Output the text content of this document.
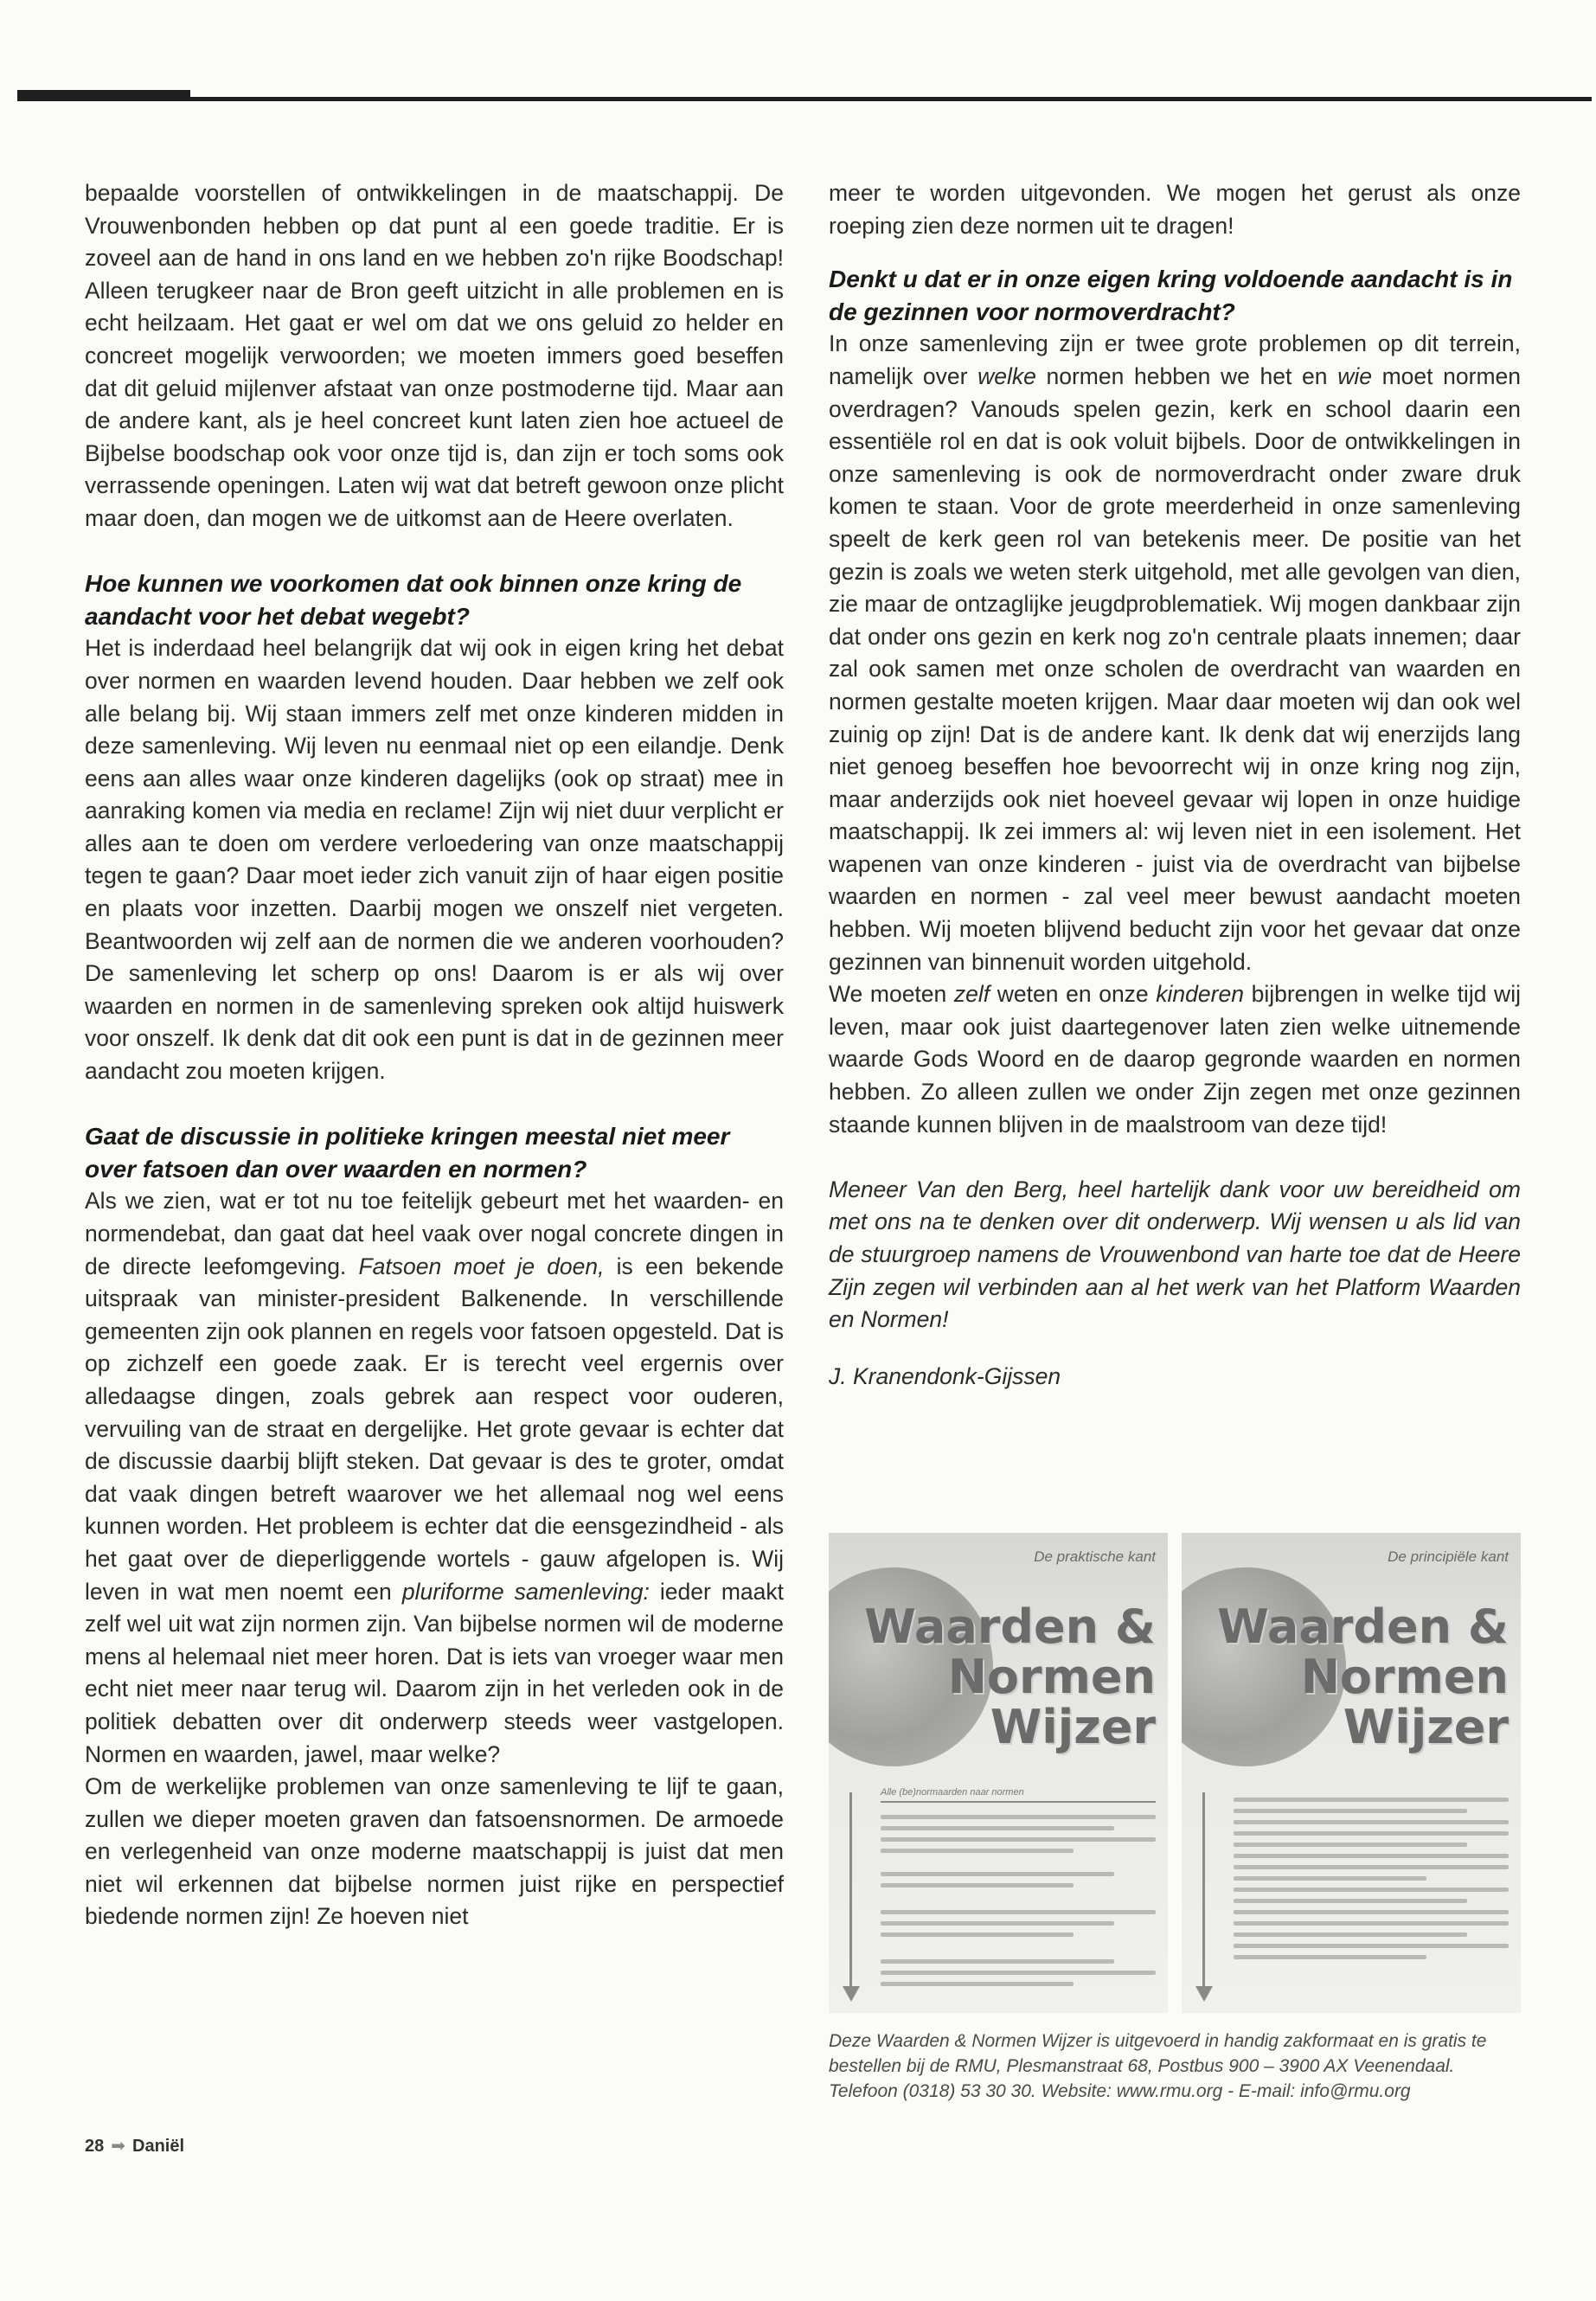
bepaalde voorstellen of ontwikkelingen in de maatschappij. De Vrouwenbonden hebben op dat punt al een goede traditie. Er is zoveel aan de hand in ons land en we hebben zo'n rijke Boodschap! Alleen terugkeer naar de Bron geeft uitzicht in alle problemen en is echt heilzaam. Het gaat er wel om dat we ons geluid zo helder en concreet mogelijk verwoorden; we moeten immers goed beseffen dat dit geluid mijlenver afstaat van onze postmoderne tijd. Maar aan de andere kant, als je heel concreet kunt laten zien hoe actueel de Bijbelse boodschap ook voor onze tijd is, dan zijn er toch soms ook verrassende openingen. Laten wij wat dat betreft gewoon onze plicht maar doen, dan mogen we de uitkomst aan de Heere overlaten.

Hoe kunnen we voorkomen dat ook binnen onze kring de aandacht voor het debat wegebt?

Het is inderdaad heel belangrijk dat wij ook in eigen kring het debat over normen en waarden levend houden. Daar hebben we zelf ook alle belang bij. Wij staan immers zelf met onze kinderen midden in deze samenleving. Wij leven nu eenmaal niet op een eilandje. Denk eens aan alles waar onze kinderen dagelijks (ook op straat) mee in aanraking komen via media en reclame! Zijn wij niet duur verplicht er alles aan te doen om verdere verloedering van onze maatschappij tegen te gaan? Daar moet ieder zich vanuit zijn of haar eigen positie en plaats voor inzetten. Daarbij mogen we onszelf niet vergeten. Beantwoorden wij zelf aan de normen die we anderen voorhouden? De samenleving let scherp op ons! Daarom is er als wij over waarden en normen in de samenleving spreken ook altijd huiswerk voor onszelf. Ik denk dat dit ook een punt is dat in de gezinnen meer aandacht zou moeten krijgen.

Gaat de discussie in politieke kringen meestal niet meer over fatsoen dan over waarden en normen?

Als we zien, wat er tot nu toe feitelijk gebeurt met het waarden- en normendebat, dan gaat dat heel vaak over nogal concrete dingen in de directe leefomgeving. Fatsoen moet je doen, is een bekende uitspraak van minister-president Balkenende. In verschillende gemeenten zijn ook plannen en regels voor fatsoen opgesteld. Dat is op zichzelf een goede zaak. Er is terecht veel ergernis over alledaagse dingen, zoals gebrek aan respect voor ouderen, vervuiling van de straat en dergelijke. Het grote gevaar is echter dat de discussie daarbij blijft steken. Dat gevaar is des te groter, omdat dat vaak dingen betreft waarover we het allemaal nog wel eens kunnen worden. Het probleem is echter dat die eensgezindheid - als het gaat over de dieperliggende wortels - gauw afgelopen is. Wij leven in wat men noemt een pluriforme samenleving: ieder maakt zelf wel uit wat zijn normen zijn. Van bijbelse normen wil de moderne mens al helemaal niet meer horen. Dat is iets van vroeger waar men echt niet meer naar terug wil. Daarom zijn in het verleden ook in de politiek debatten over dit onderwerp steeds weer vastgelopen. Normen en waarden, jawel, maar welke?

Om de werkelijke problemen van onze samenleving te lijf te gaan, zullen we dieper moeten graven dan fatsoensnormen. De armoede en verlegenheid van onze moderne maatschappij is juist dat men niet wil erkennen dat bijbelse normen juist rijke en perspectief biedende normen zijn! Ze hoeven niet

meer te worden uitgevonden. We mogen het gerust als onze roeping zien deze normen uit te dragen!

Denkt u dat er in onze eigen kring voldoende aandacht is in de gezinnen voor normoverdracht?

In onze samenleving zijn er twee grote problemen op dit terrein, namelijk over welke normen hebben we het en wie moet normen overdragen? Vanouds spelen gezin, kerk en school daarin een essentiële rol en dat is ook voluit bijbels. Door de ontwikkelingen in onze samenleving is ook de normoverdracht onder zware druk komen te staan. Voor de grote meerderheid in onze samenleving speelt de kerk geen rol van betekenis meer. De positie van het gezin is zoals we weten sterk uitgehold, met alle gevolgen van dien, zie maar de ontzaglijke jeugdproblematiek. Wij mogen dankbaar zijn dat onder ons gezin en kerk nog zo'n centrale plaats innemen; daar zal ook samen met onze scholen de overdracht van waarden en normen gestalte moeten krijgen. Maar daar moeten wij dan ook wel zuinig op zijn! Dat is de andere kant. Ik denk dat wij enerzijds lang niet genoeg beseffen hoe bevoorrecht wij in onze kring nog zijn, maar anderzijds ook niet hoeveel gevaar wij lopen in onze huidige maatschappij. Ik zei immers al: wij leven niet in een isolement. Het wapenen van onze kinderen - juist via de overdracht van bijbelse waarden en normen - zal veel meer bewust aandacht moeten hebben. Wij moeten blijvend beducht zijn voor het gevaar dat onze gezinnen van binnenuit worden uitgehold.

We moeten zelf weten en onze kinderen bijbrengen in welke tijd wij leven, maar ook juist daartegenover laten zien welke uitnemende waarde Gods Woord en de daarop gegronde waarden en normen hebben. Zo alleen zullen we onder Zijn zegen met onze gezinnen staande kunnen blijven in de maalstroom van deze tijd!

Meneer Van den Berg, heel hartelijk dank voor uw bereidheid om met ons na te denken over dit onderwerp. Wij wensen u als lid van de stuurgroep namens de Vrouwenbond van harte toe dat de Heere Zijn zegen wil verbinden aan al het werk van het Platform Waarden en Normen!

J. Kranendonk-Gijssen

De praktische kant
Waarden &
Normen
Wijzer
Alle (be)normaarden naar normen
De principiële kant
Waarden &
Normen
Wijzer
Deze Waarden & Normen Wijzer is uitgevoerd in handig zakformaat en is gratis te bestellen bij de RMU, Plesmanstraat 68, Postbus 900 – 3900 AX Veenendaal. Telefoon (0318) 53 30 30. Website: www.rmu.org - E-mail: info@rmu.org
28 ➡ Daniël
